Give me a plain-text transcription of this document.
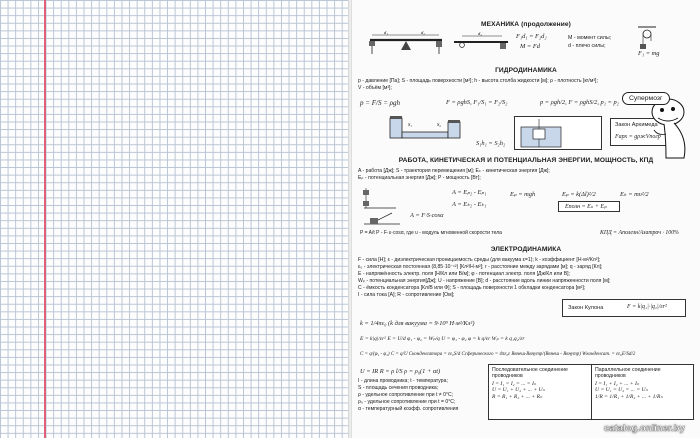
МЕХАНИКА (продолжение)
d₁	d₂	d₂	F₁d₁ = F₂d₂
M = Fd
M - момент силы;
d - плечо силы;
F₁ = mg
ГИДРОДИНАМИКА
p - давление [Па]; S - площадь поверхности [м²]; h - высота столба жидкости [м]; ρ - плотность [кг/м³];
V - объём [м³];
p = F/S = ρgh	F = ρghS, F₁/S₁ = F₂/S₂	p = ρgh/2, F = ρghS/2, p₁ = p₂
S₁	S₂
S₁h₁ = S₂h₂
Закон Архимеда
Fарх = gρжVпогр
РАБОТА, КИНЕТИЧЕСКАЯ И ПОТЕНЦИАЛЬНАЯ ЭНЕРГИИ, МОЩНОСТЬ, КПД
A - работа [Дж]; S - траектория перемещения [м]; Eₖ - кинетическая энергия [Дж];
Eₚ - потенциальная энергия [Дж]; P - мощность [Вт];
A = Eₚ₂ - Eₚ₁
A = F·S·cosα
A = Eₖ₂ - Eₖ₁
Eₚ = mgh	Eₚ = k(Δl)²/2	Eₖ = mυ²/2
Eполн = Eₖ + Eₚ
P = A/t P - F·υ·cosα, где υ - модуль мгновенной скорости тела	КПД = Aполезн/Aзатрач · 100%
ЭЛЕКТРОДИНАМИКА
F - сила [Н]; ε - диэлектрическая проницаемость среды (для вакуума ε=1); k - коэффициент [Н·м²/Кл²];
ε₀ - электрическая постоянная (8,85·10⁻¹²) [Кл²/Н·м²]; r - расстояние между зарядами [м]; q - заряд [Кл];
E - напряжённость электр. поля [Н/Кл или В/м]; φ - потенциал электр. поля [Дж/Кл или В];
Wₚ - потенциальная энергия[Дж]; U - напряжение [В]; d - расстояние вдоль линии напряженности поля [м];
C - ёмкость конденсатора [Кл/В или Ф]; S - площадь поверхности 1 обкладки конденсатора [м²];
I - сила тока [А]; R - сопротивление [Ом];
Закон Кулона	F = k|q₁|·|q₂|/εr²
k = 1/4πε₀ (k для вакуума = 9·10⁹ Н·м²/Кл²)
E = k|q|/εr² E = U/d φ₁ - φ₂ = Wₚ/q U = φ₁ - φ₂ φ = k q/εr Wₚ = k q₁q₂/εr
C = q/(φ₁ - φ₂) C = q/U Cконденсатора = εε₀S/d Cсферического = 4πε₀ε Rвнеш·Rвнутр/(Rвнеш - Rвнутр) Wконденсат. = εε₀E²Sd/2
U = IR R = ρ l/S ρ = ρ₀(1 + αt)
I - длина проводника; t - температура;
S - площадь сечения проводника;
ρ - удельное сопротивление при t ≠ 0°C;
ρ₀ - удельное сопротивление при t = 0°C;
α - температурный коэфф. сопротивления
Последовательное соединение проводников
I = I₁ = I₂ = ... = Iₙ
U = U₁ + U₂ + ... + Uₙ
R = R₁ + R₂ + ... + Rₙ
Параллельное соединение проводников
I = I₁ + I₂ + ... + Iₙ
U = U₁ = U₂ = ... = Uₙ
1/R = 1/R₁ + 1/R₂ + ... + 1/Rₙ
Супермозг
catalog.onliner.by
